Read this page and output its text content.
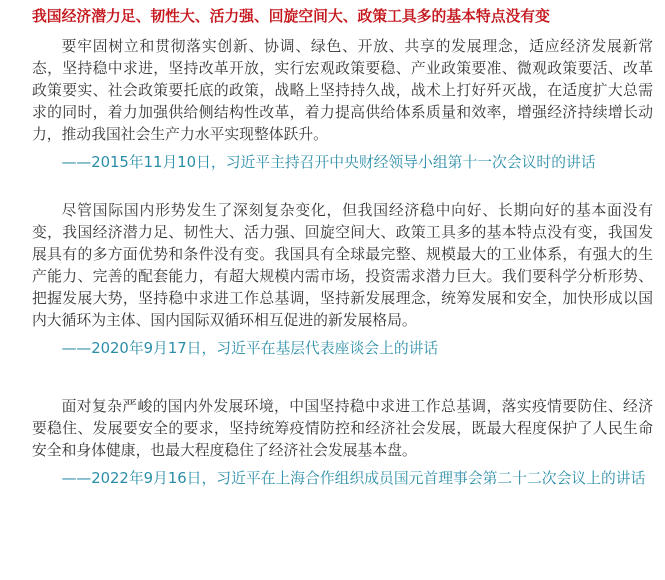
我国经济潜力足、韧性大、活力强、回旋空间大、政策工具多的基本特点没有变

要牢固树立和贯彻落实创新、协调、绿色、开放、共享的发展理念，适应经济发展新常态，坚持稳中求进，坚持改革开放，实行宏观政策要稳、产业政策要准、微观政策要活、改革政策要实、社会政策要托底的政策，战略上坚持持久战，战术上打好歼灭战，在适度扩大总需求的同时，着力加强供给侧结构性改革，着力提高供给体系质量和效率，增强经济持续增长动力，推动我国社会生产力水平实现整体跃升。

——2015年11月10日，习近平主持召开中央财经领导小组第十一次会议时的讲话

尽管国际国内形势发生了深刻复杂变化，但我国经济稳中向好、长期向好的基本面没有变，我国经济潜力足、韧性大、活力强、回旋空间大、政策工具多的基本特点没有变，我国发展具有的多方面优势和条件没有变。我国具有全球最完整、规模最大的工业体系，有强大的生产能力、完善的配套能力，有超大规模内需市场，投资需求潜力巨大。我们要科学分析形势、把握发展大势，坚持稳中求进工作总基调，坚持新发展理念，统筹发展和安全，加快形成以国内大循环为主体、国内国际双循环相互促进的新发展格局。

——2020年9月17日，习近平在基层代表座谈会上的讲话

面对复杂严峻的国内外发展环境，中国坚持稳中求进工作总基调，落实疫情要防住、经济要稳住、发展要安全的要求，坚持统筹疫情防控和经济社会发展，既最大程度保护了人民生命安全和身体健康，也最大程度稳住了经济社会发展基本盘。

——2022年9月16日，习近平在上海合作组织成员国元首理事会第二十二次会议上的讲话
